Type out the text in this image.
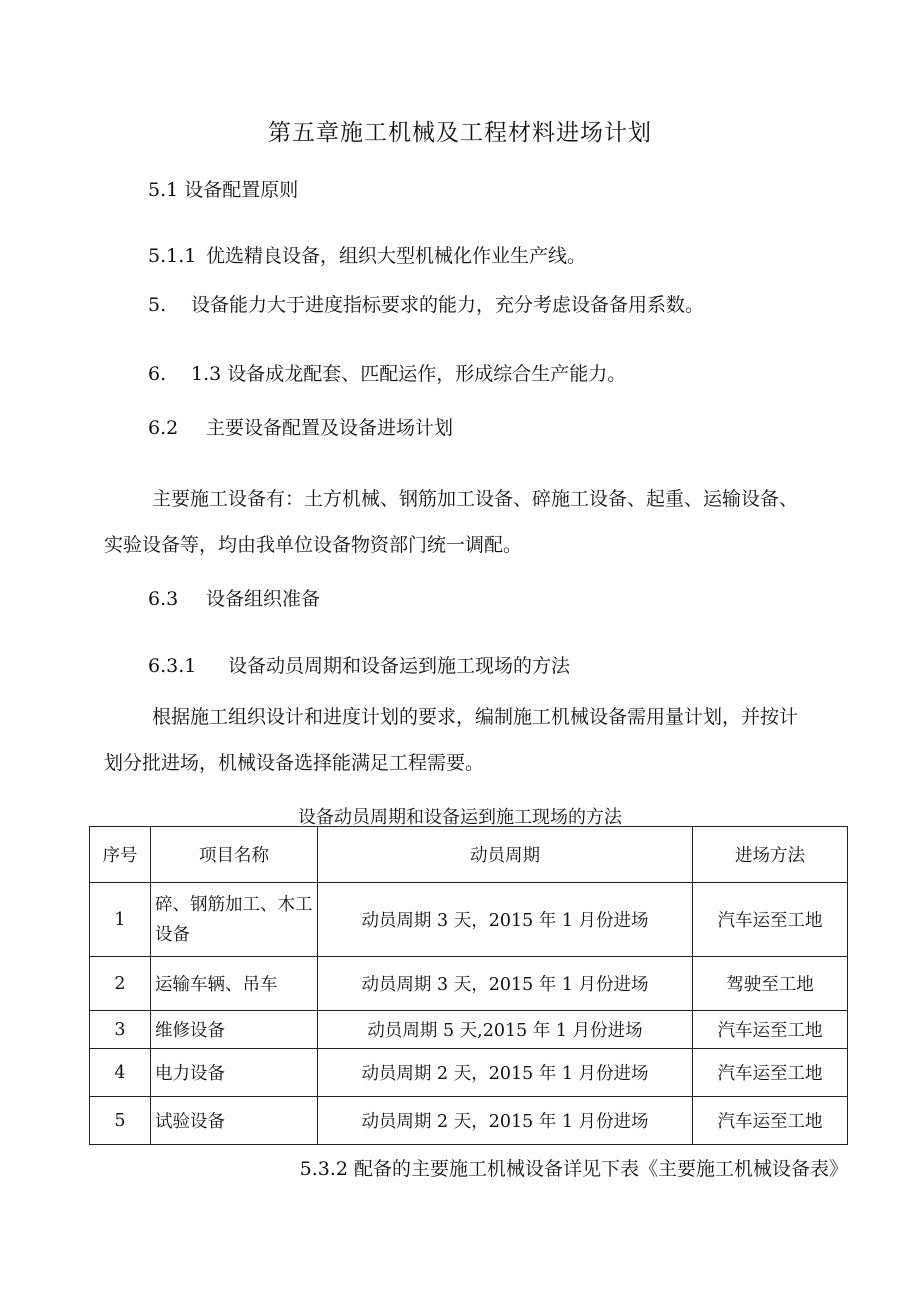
第五章施工机械及工程材料进场计划
5.1 设备配置原则
5.1.1 优选精良设备，组织大型机械化作业生产线。
5. 设备能力大于进度指标要求的能力，充分考虑设备备用系数。
6. 1.3 设备成龙配套、匹配运作，形成综合生产能力。
6.2 主要设备配置及设备进场计划
主要施工设备有：土方机械、钢筋加工设备、碎施工设备、起重、运输设备、
实验设备等，均由我单位设备物资部门统一调配。
6.3 设备组织准备
6.3.1 设备动员周期和设备运到施工现场的方法
根据施工组织设计和进度计划的要求，编制施工机械设备需用量计划，并按计
划分批进场，机械设备选择能满足工程需要。
设备动员周期和设备运到施工现场的方法
序号	项目名称	动员周期	进场方法
1	碎、钢筋加工、木工设备	动员周期 3 天，2015 年 1 月份进场	汽车运至工地
2	运输车辆、吊车	动员周期 3 天，2015 年 1 月份进场	驾驶至工地
3	维修设备	动员周期 5 天,2015 年 1 月份进场	汽车运至工地
4	电力设备	动员周期 2 天，2015 年 1 月份进场	汽车运至工地
5	试验设备	动员周期 2 天，2015 年 1 月份进场	汽车运至工地
5.3.2 配备的主要施工机械设备详见下表《主要施工机械设备表》
